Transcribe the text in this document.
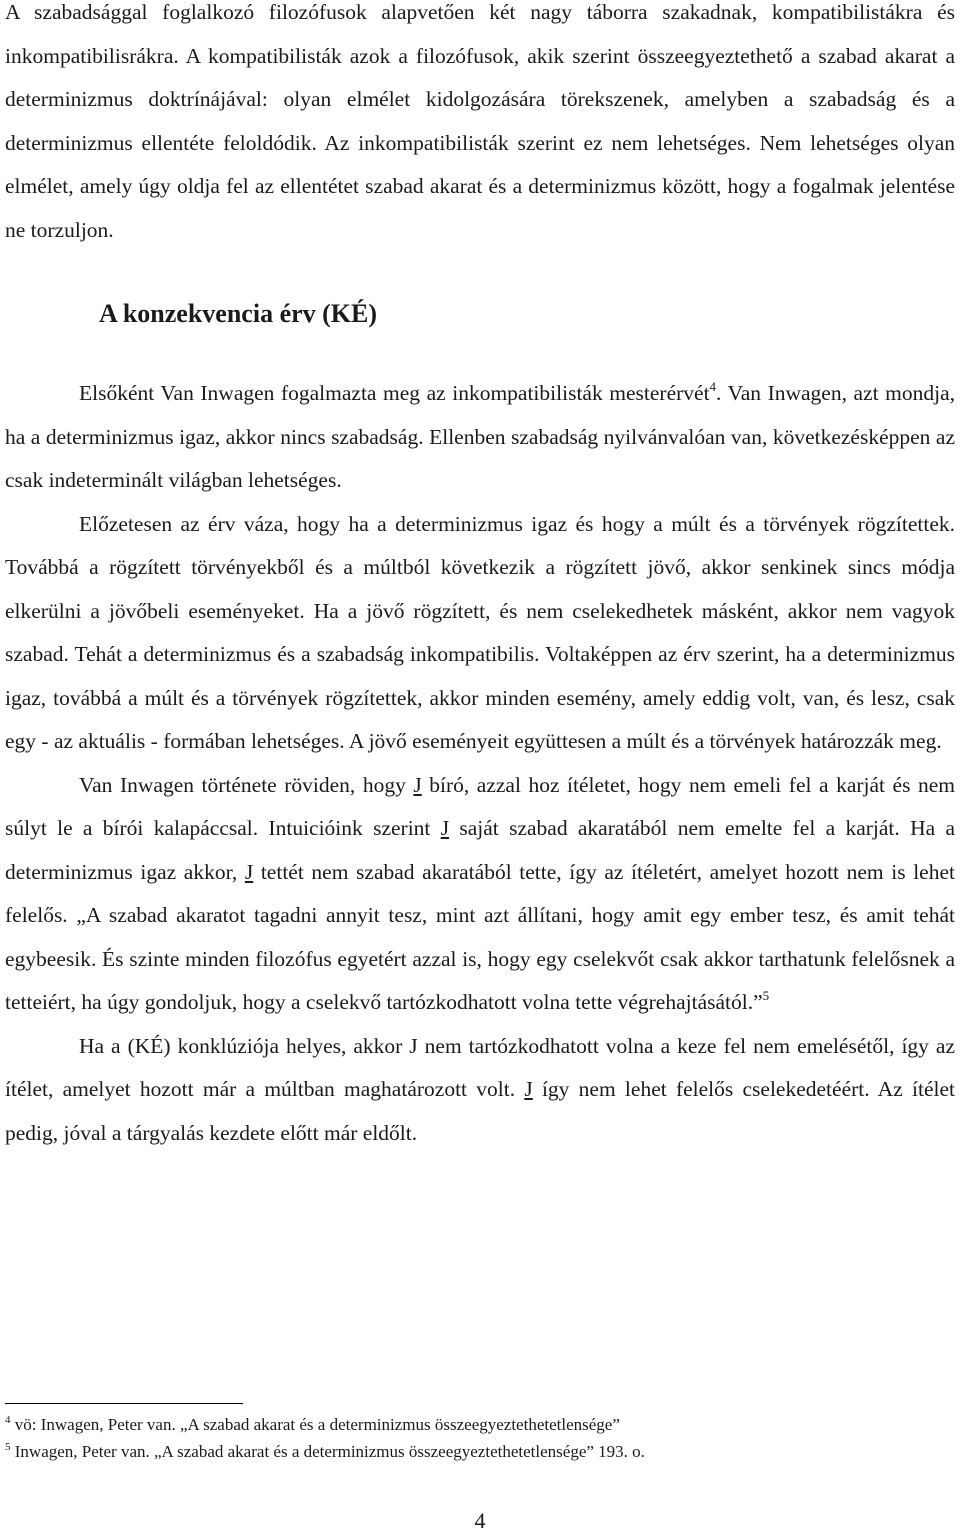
A szabadsággal foglalkozó filozófusok alapvetően két nagy táborra szakadnak, kompatibilistákra és inkompatibilisrákra. A kompatibilisták azok a filozófusok, akik szerint összeegyeztethető a szabad akarat a determinizmus doktrínájával: olyan elmélet kidolgozására törekszenek, amelyben a szabadság és a determinizmus ellentéte feloldódik. Az inkompatibilisták szerint ez nem lehetséges. Nem lehetséges olyan elmélet, amely úgy oldja fel az ellentétet szabad akarat és a determinizmus között, hogy a fogalmak jelentése ne torzuljon.

A konzekvencia érv (KÉ)

Elsőként Van Inwagen fogalmazta meg az inkompatibilisták mesterérvét$^4$. Van Inwagen, azt mondja, ha a determinizmus igaz, akkor nincs szabadság. Ellenben szabadság nyilvánvalóan van, következésképpen az csak indeterminált világban lehetséges.

Előzetesen az érv váza, hogy ha a determinizmus igaz és hogy a múlt és a törvények rögzítettek. Továbbá a rögzített törvényekből és a múltból következik a rögzített jövő, akkor senkinek sincs módja elkerülni a jövőbeli eseményeket. Ha a jövő rögzített, és nem cselekedhetek másként, akkor nem vagyok szabad. Tehát a determinizmus és a szabadság inkompatibilis. Voltaképpen az érv szerint, ha a determinizmus igaz, továbbá a múlt és a törvények rögzítettek, akkor minden esemény, amely eddig volt, van, és lesz, csak egy - az aktuális - formában lehetséges. A jövő eseményeit együttesen a múlt és a törvények határozzák meg.

Van Inwagen története röviden, hogy J bíró, azzal hoz ítéletet, hogy nem emeli fel a karját és nem súlyt le a bírói kalapáccsal. Intuicióink szerint J saját szabad akaratából nem emelte fel a karját. Ha a determinizmus igaz akkor, J tettét nem szabad akaratából tette, így az ítéletért, amelyet hozott nem is lehet felelős. „A szabad akaratot tagadni annyit tesz, mint azt állítani, hogy amit egy ember tesz, és amit tehát egybeesik. És szinte minden filozófus egyetért azzal is, hogy egy cselekvőt csak akkor tarthatunk felelősnek a tetteiért, ha úgy gondoljuk, hogy a cselekvő tartózkodhatott volna tette végrehajtásától.”$^5$

Ha a (KÉ) konklúziója helyes, akkor J nem tartózkodhatott volna a keze fel nem emelésétől, így az ítélet, amelyet hozott már a múltban maghatározott volt. J így nem lehet felelős cselekedetéért. Az ítélet pedig, jóval a tárgyalás kezdete előtt már eldőlt.

$^4$ vö: Inwagen, Peter van. „A szabad akarat és a determinizmus összeegyeztethetetlensége”
$^5$ Inwagen, Peter van. „A szabad akarat és a determinizmus összeegyeztethetetlensége” 193. o.
4
